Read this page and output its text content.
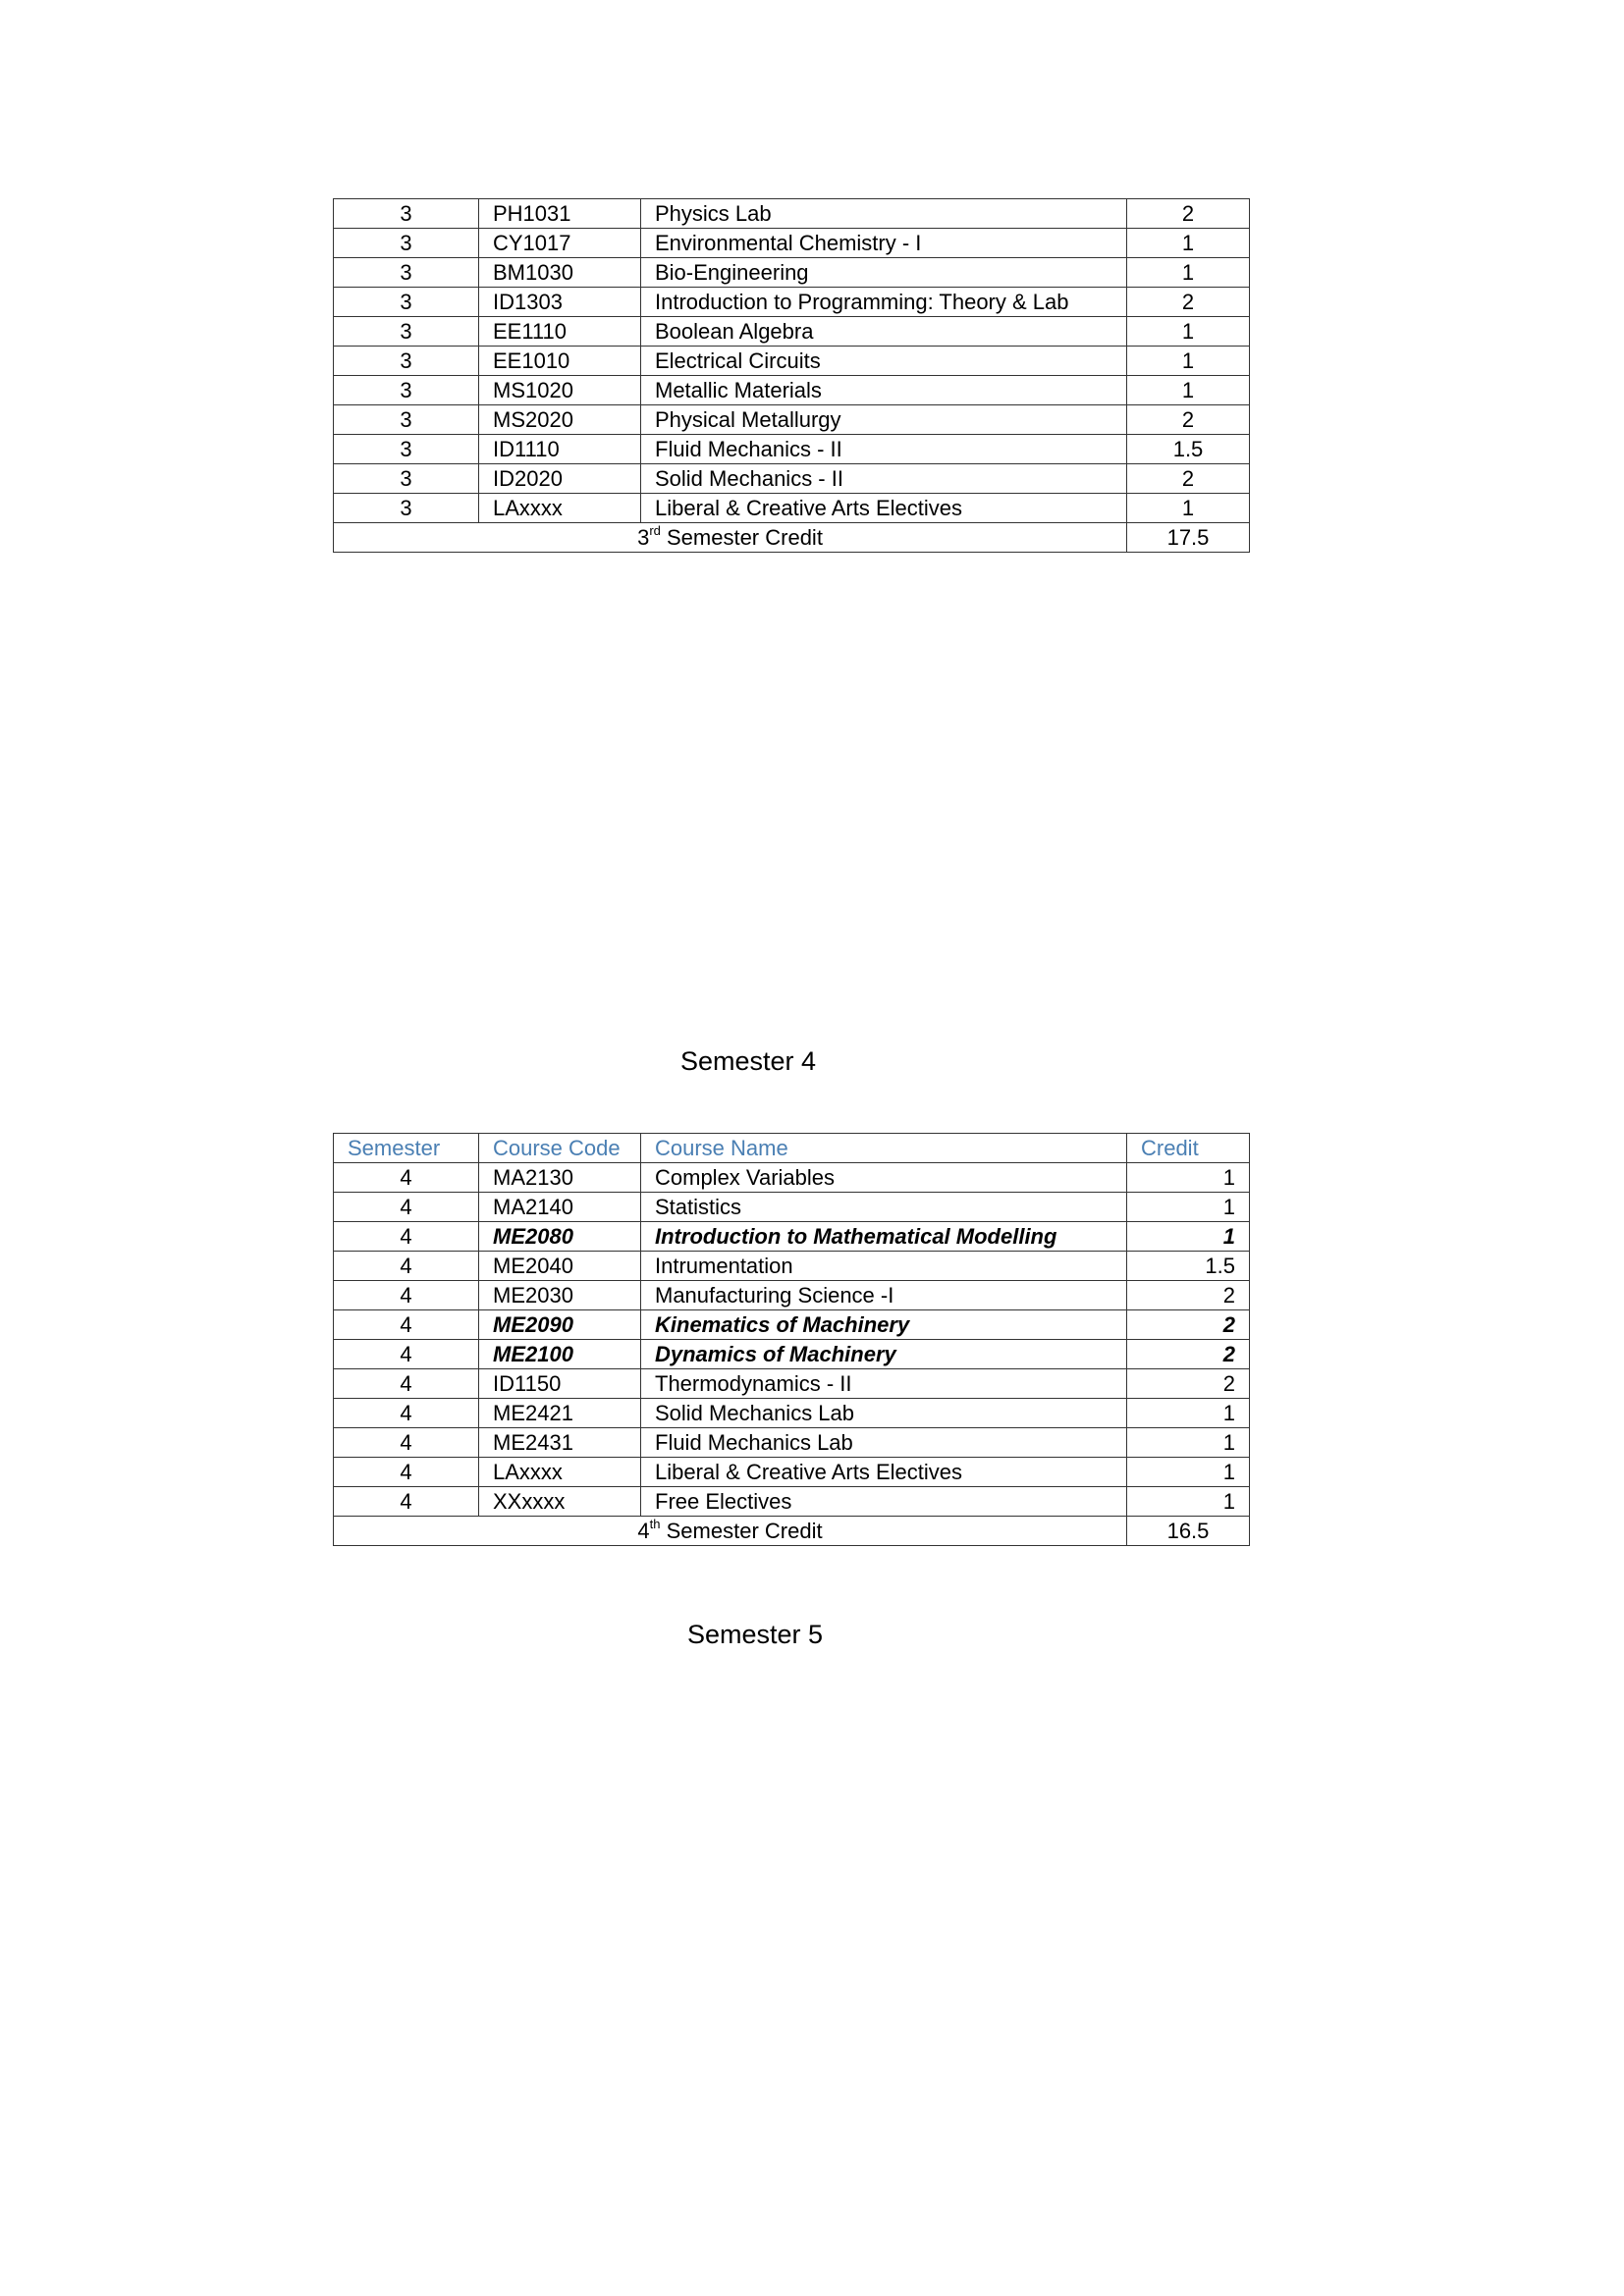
3	PH1031	Physics Lab	2
3	CY1017	Environmental Chemistry - I	1
3	BM1030	Bio-Engineering	1
3	ID1303	Introduction to Programming: Theory & Lab	2
3	EE1110	Boolean Algebra	1
3	EE1010	Electrical Circuits	1
3	MS1020	Metallic Materials	1
3	MS2020	Physical Metallurgy	2
3	ID1110	Fluid Mechanics - II	1.5
3	ID2020	Solid Mechanics - II	2
3	LAxxxx	Liberal & Creative Arts Electives	1
3rd Semester Credit			17.5
Semester 4
Semester	Course Code	Course Name	Credit
4	MA2130	Complex Variables	1
4	MA2140	Statistics	1
4	ME2080	Introduction to Mathematical Modelling	1
4	ME2040	Intrumentation	1.5
4	ME2030	Manufacturing Science -I	2
4	ME2090	Kinematics of Machinery	2
4	ME2100	Dynamics of Machinery	2
4	ID1150	Thermodynamics - II	2
4	ME2421	Solid Mechanics Lab	1
4	ME2431	Fluid Mechanics Lab	1
4	LAxxxx	Liberal & Creative Arts Electives	1
4	XXxxxx	Free Electives	1
4th Semester Credit			16.5
Semester 5
